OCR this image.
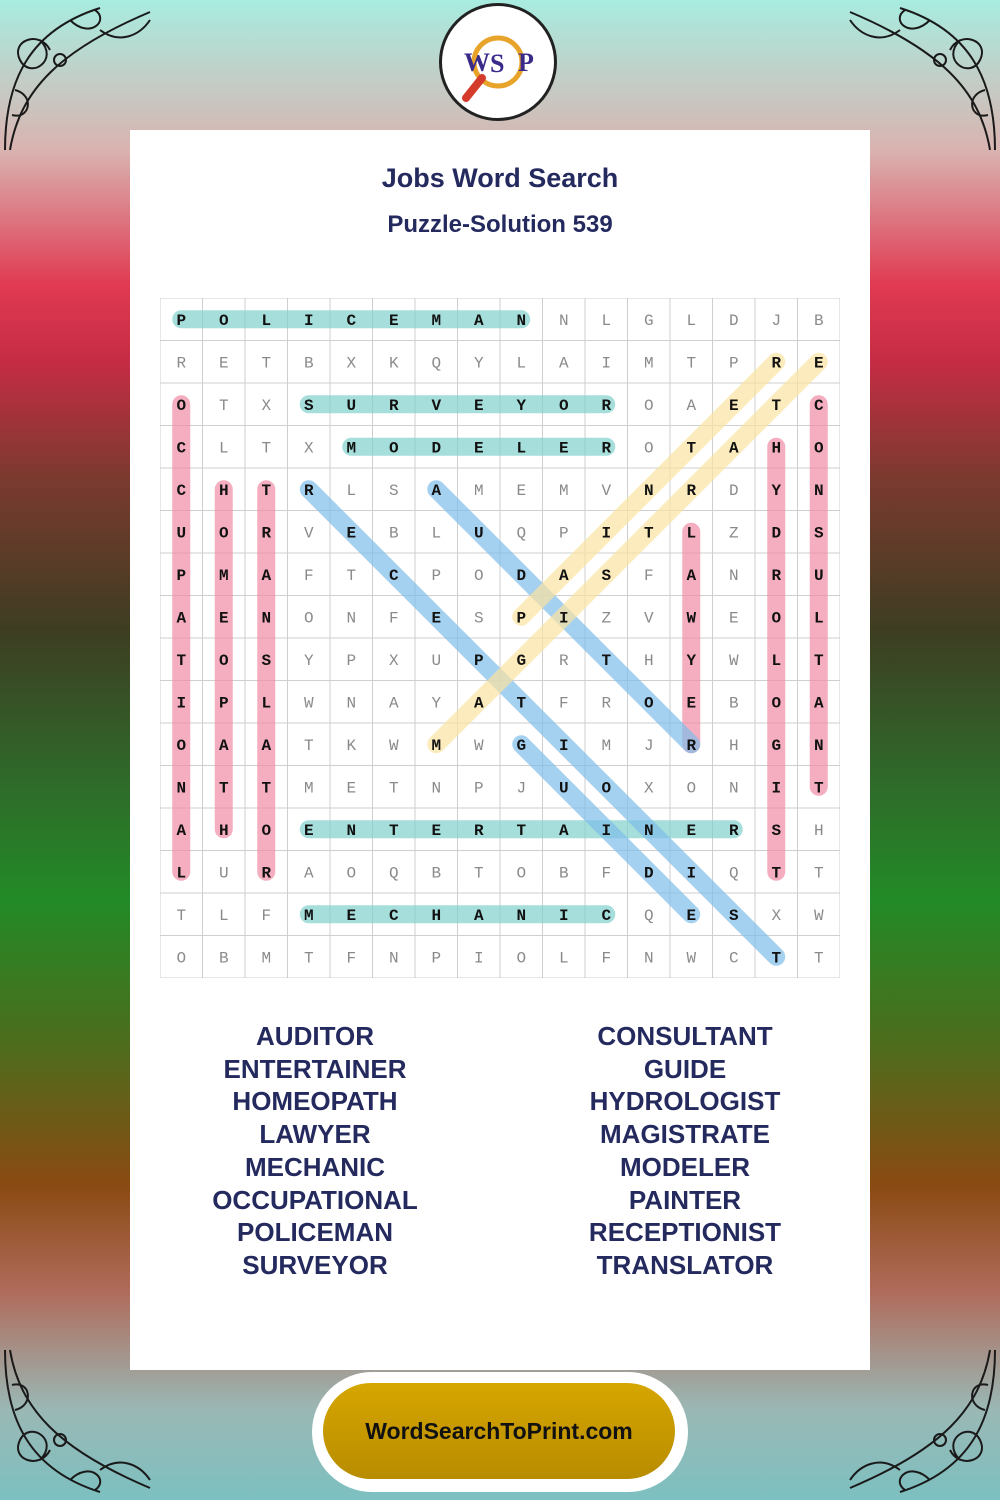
W S P
Jobs Word Search
Puzzle-Solution 539
P O L I C E M A N N L G L D J B
R E T B X K Q Y L A I M T P R E
O T X S U R V E Y O R O A E T C
C L T X M O D E L E R O T A H O
C H T R L S A M E M V N R D Y N
U O R V E B L U Q P I T L Z D S
P M A F T C P O D A S F A N R U
A E N O N F E S P I Z V W E O L
T O S Y P X U P G R T H Y W L T
I P L W N A Y A T F R O E B O A
O A A T K W M W G I M J R H G N
N T T M E T N P J U O X O N I T
A H O E N T E R T A I N E R S H
L U R A O Q B T O B F D I Q T T
T L F M E C H A N I C Q E S X W
O B M T F N P I O L F N W C T T
AUDITOR
ENTERTAINER
HOMEOPATH
LAWYER
MECHANIC
OCCUPATIONAL
POLICEMAN
SURVEYOR
CONSULTANT
GUIDE
HYDROLOGIST
MAGISTRATE
MODELER
PAINTER
RECEPTIONIST
TRANSLATOR
WordSearchToPrint.com
